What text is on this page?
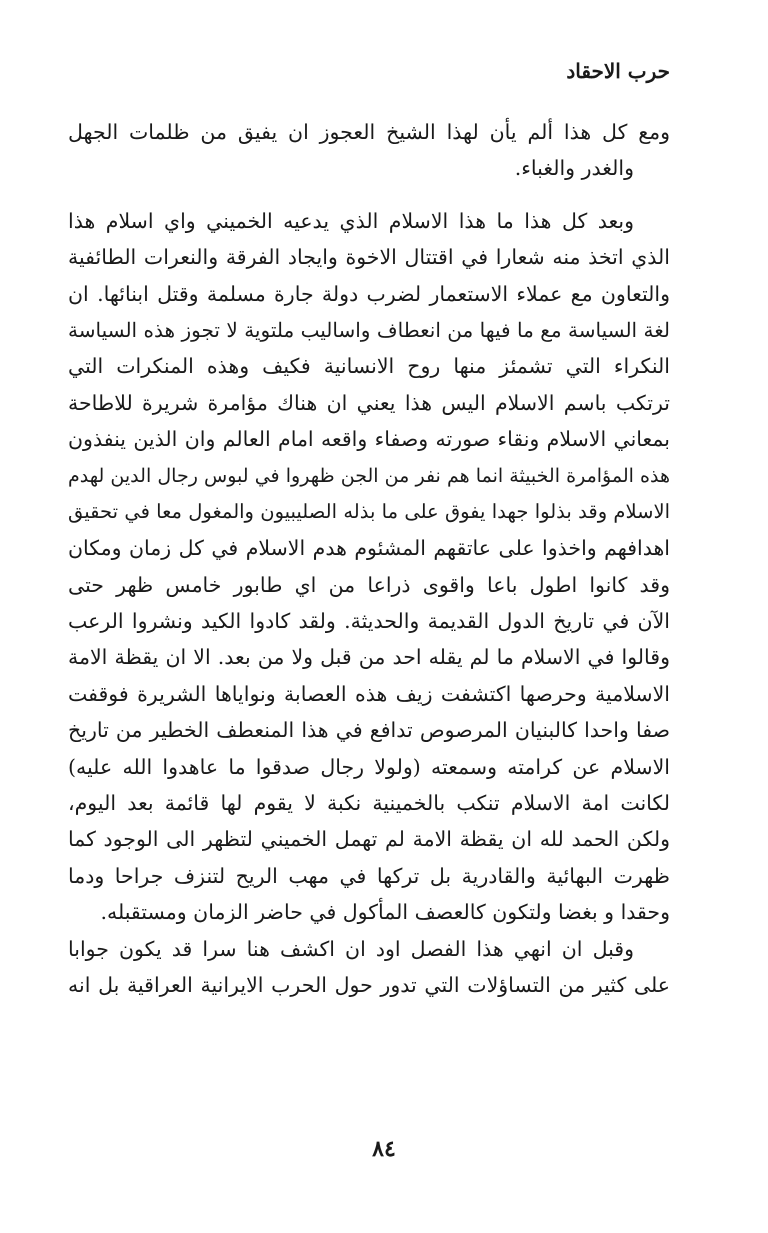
حرب الاحقاد
ومع كل هذا ألم يأن لهذا الشيخ العجوز ان يفيق من ظلمات الجهل
والغدر والغباء.
وبعد كل هذا ما هذا الاسلام الذي يدعيه الخميني واي اسلام هذا
الذي اتخذ منه شعارا في اقتتال الاخوة وايجاد الفرقة والنعرات الطائفية
والتعاون مع عملاء الاستعمار لضرب دولة جارة مسلمة وقتل ابنائها. ان
لغة السياسة مع ما فيها من انعطاف واساليب ملتوية لا تجوز هذه السياسة
النكراء التي تشمئز منها روح الانسانية فكيف وهذه المنكرات التي
ترتكب باسم الاسلام اليس هذا يعني ان هناك مؤامرة شريرة للاطاحة
بمعاني الاسلام ونقاء صورته وصفاء واقعه امام العالم وان الذين ينفذون
هذه المؤامرة الخبيثة انما هم نفر من الجن ظهروا في لبوس رجال الدين لهدم
الاسلام وقد بذلوا جهدا يفوق على ما بذله الصليبيون والمغول معا في تحقيق
اهدافهم واخذوا على عاتقهم المشئوم هدم الاسلام في كل زمان ومكان
وقد كانوا اطول باعا واقوى ذراعا من اي طابور خامس ظهر حتى
الآن في تاريخ الدول القديمة والحديثة. ولقد كادوا الكيد ونشروا الرعب
وقالوا في الاسلام ما لم يقله احد من قبل ولا من بعد. الا ان يقظة الامة
الاسلامية وحرصها اكتشفت زيف هذه العصابة ونواياها الشريرة فوقفت
صفا واحدا كالبنيان المرصوص تدافع في هذا المنعطف الخطير من تاريخ
الاسلام عن كرامته وسمعته (ولولا رجال صدقوا ما عاهدوا الله عليه)
لكانت امة الاسلام تنكب بالخمينية نكبة لا يقوم لها قائمة بعد اليوم،
ولكن الحمد لله ان يقظة الامة لم تهمل الخميني لتظهر الى الوجود كما
ظهرت البهائية والقادرية بل تركها في مهب الريح لتنزف جراحا ودما
وحقدا و بغضا ولتكون كالعصف المأكول في حاضر الزمان ومستقبله.
وقبل ان انهي هذا الفصل اود ان اكشف هنا سرا قد يكون جوابا
على كثير من التساؤلات التي تدور حول الحرب الايرانية العراقية بل انه
٨٤
